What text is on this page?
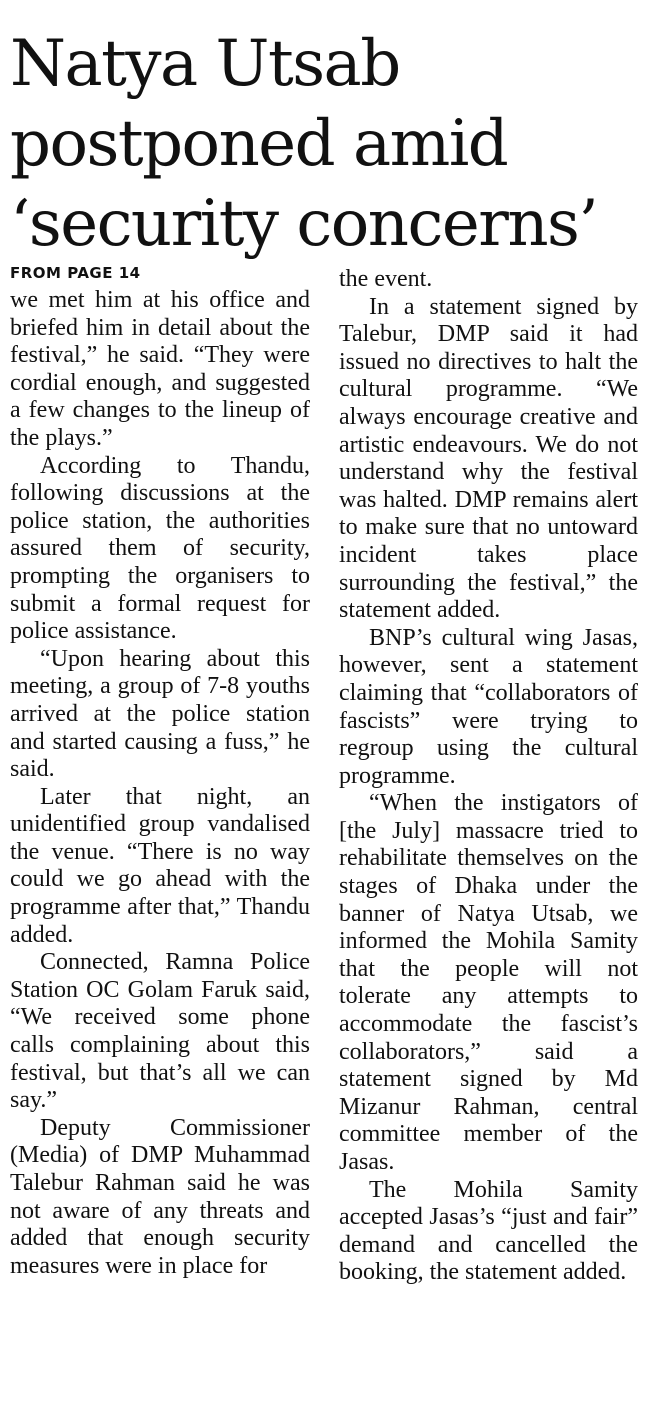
Natya Utsab
postponed amid
‘security concerns’
FROM PAGE 14

we met him at his office and briefed him in detail about the festival,” he said. “They were cordial enough, and suggested a few changes to the lineup of the plays.”

According to Thandu, following discussions at the police station, the authorities assured them of security, prompting the organisers to submit a formal request for police assistance.

“Upon hearing about this meeting, a group of 7-8 youths arrived at the police station and started causing a fuss,” he said.

Later that night, an unidentified group vandalised the venue. “There is no way could we go ahead with the programme after that,” Thandu added.

Connected, Ramna Police Station OC Golam Faruk said, “We received some phone calls complaining about this festival, but that’s all we can say.”

Deputy Commissioner (Media) of DMP Muhammad Talebur Rahman said he was not aware of any threats and added that enough security measures were in place for

the event.

In a statement signed by Talebur, DMP said it had issued no directives to halt the cultural programme. “We always encourage creative and artistic endeavours. We do not understand why the festival was halted. DMP remains alert to make sure that no untoward incident takes place surrounding the festival,” the statement added.

BNP’s cultural wing Jasas, however, sent a statement claiming that “collaborators of fascists” were trying to regroup using the cultural programme.

“When the instigators of [the July] massacre tried to rehabilitate themselves on the stages of Dhaka under the banner of Natya Utsab, we informed the Mohila Samity that the people will not tolerate any attempts to accommodate the fascist’s collaborators,” said a statement signed by Md Mizanur Rahman, central committee member of the Jasas.

The Mohila Samity accepted Jasas’s “just and fair” demand and cancelled the booking, the statement added.
